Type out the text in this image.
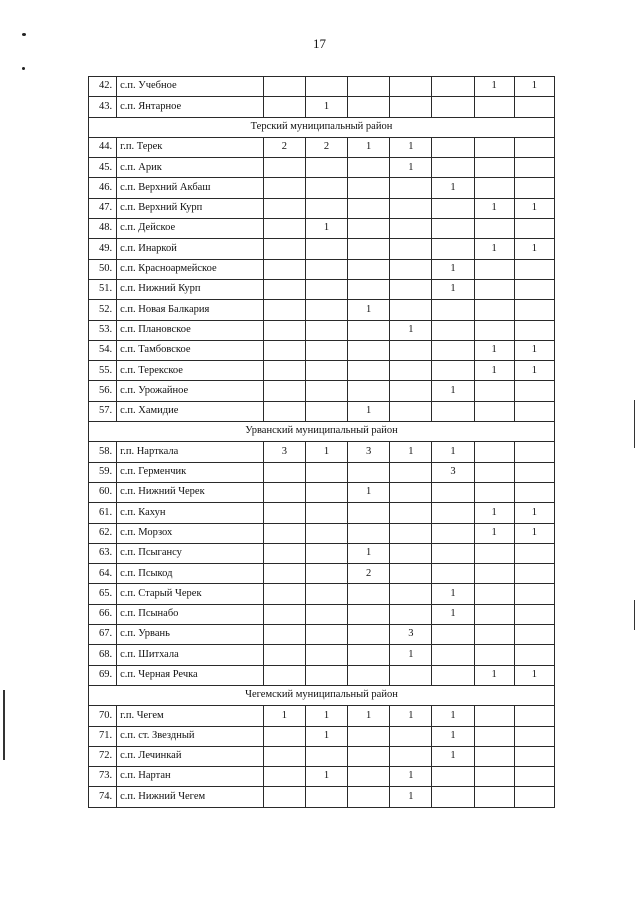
17
42.	с.п. Учебное						1	1
43.	с.п. Янтарное		1					
Терский муниципальный район								
44.	г.п. Терек	2	2	1	1			
45.	с.п. Арик				1			
46.	с.п. Верхний Акбаш					1		
47.	с.п. Верхний Курп						1	1
48.	с.п. Дейское		1					
49.	с.п. Инаркой						1	1
50.	с.п. Красноармейское					1		
51.	с.п. Нижний Курп					1		
52.	с.п. Новая Балкария			1				
53.	с.п. Плановское				1			
54.	с.п. Тамбовское						1	1
55.	с.п. Терекское						1	1
56.	с.п. Урожайное					1		
57.	с.п. Хамидие			1				
Урванский муниципальный район								
58.	г.п. Нарткала	3	1	3	1	1		
59.	с.п. Герменчик					3		
60.	с.п. Нижний Черек			1				
61.	с.п. Кахун						1	1
62.	с.п. Морзох						1	1
63.	с.п. Псыгансу			1				
64.	с.п. Псыкод			2				
65.	с.п. Старый Черек					1		
66.	с.п. Псынабо					1		
67.	с.п. Урвань				3			
68.	с.п. Шитхала				1			
69.	с.п. Черная Речка						1	1
Чегемский муниципальный район								
70.	г.п. Чегем	1	1	1	1	1		
71.	с.п. ст. Звездный		1			1		
72.	с.п. Лечинкай					1		
73.	с.п. Нартан		1		1			
74.	с.п. Нижний Чегем				1			
